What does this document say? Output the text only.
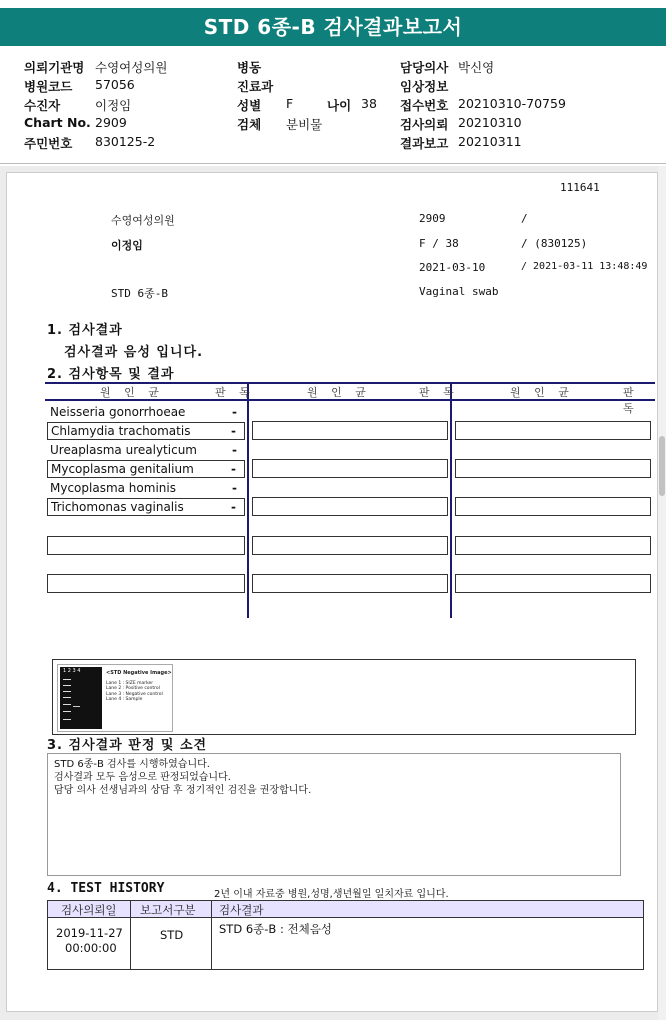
STD 6종-B 검사결과보고서
의뢰기관명 수영여성의원	병동	담당의사 박신영
병원코드 57056	진료과	임상정보
수진자	이정임	성별 F	나이 38 접수번호 20210310-70759
Chart No. 2909	검체 분비물	검사의뢰 20210310
주민번호 830125-2	결과보고 20210311
111641
수영여성의원	2909	/
이정임	F / 38	/ (830125)
2021-03-10	/ 2021-03-11 13:48:49
STD 6종-B	Vaginal swab
1. 검사결과
검사결과 음성 입니다.
2. 검사항목 및 결과
원 인 균	판 독	원 인 균	판 독	원 인 균	판 독
Neisseria gonorrhoeae	-
Chlamydia trachomatis	-
Ureaplasma urealyticum	-
Mycoplasma genitalium	-
Mycoplasma hominis	-
Trichomonas vaginalis	-
1 2 3 4	<STD Negative Image>
Lane 1 : SIZE marker
Lane 2 : Positive control
Lane 3 : Negative control
Lane 4 : Sample
3. 검사결과 판정 및 소견
STD 6종-B 검사를 시행하였습니다.
검사결과 모두 음성으로 판정되었습니다.
담당 의사 선생님과의 상담 후 정기적인 검진을 권장합니다.
4. TEST HISTORY	2년 이내 자료중 병원,성명,생년월일 일치자료 입니다.
검사의뢰일 보고서구분 검사결과
2019-11-27
00:00:00
STD	STD 6종-B : 전체음성
